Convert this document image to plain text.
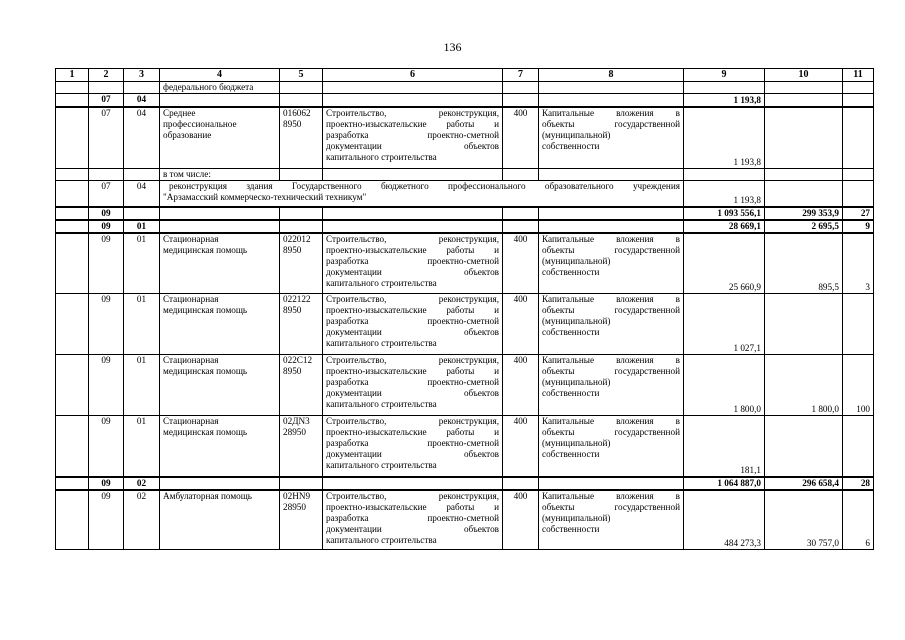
136
1	2	3	4	5	6	7	8	9	10	11
			федерального бюджета							
	07	04						1 193,8		
	07	04	Среднее
профессиональное
образование	016062
8950	Строительство, реконструкция,
проектно-изыскательские работы и
разработка проектно-сметной
документации объектов
капитального строительства	400	Капитальные вложения в
объекты государственной
(муниципальной)
собственности	1 193,8		
			в том числе:							
	07	04	реконструкция здания Государственного бюджетного профессионального образовательного учреждения
"Арзамасский коммерческо-технический техникум"					1 193,8		
	09							1 093 556,1	299 353,9	27
	09	01						28 669,1	2 695,5	9
	09	01	Стационарная
медицинская помощь	022012
8950	Строительство, реконструкция,
проектно-изыскательские работы и
разработка проектно-сметной
документации объектов
капитального строительства	400	Капитальные вложения в
объекты государственной
(муниципальной)
собственности	25 660,9	895,5	3
	09	01	Стационарная
медицинская помощь	022122
8950	Строительство, реконструкция,
проектно-изыскательские работы и
разработка проектно-сметной
документации объектов
капитального строительства	400	Капитальные вложения в
объекты государственной
(муниципальной)
собственности	1 027,1		
	09	01	Стационарная
медицинская помощь	022С12
8950	Строительство, реконструкция,
проектно-изыскательские работы и
разработка проектно-сметной
документации объектов
капитального строительства	400	Капитальные вложения в
объекты государственной
(муниципальной)
собственности	1 800,0	1 800,0	100
	09	01	Стационарная
медицинская помощь	02ДN3
28950	Строительство, реконструкция,
проектно-изыскательские работы и
разработка проектно-сметной
документации объектов
капитального строительства	400	Капитальные вложения в
объекты государственной
(муниципальной)
собственности	181,1		
	09	02						1 064 887,0	296 658,4	28
	09	02	Амбулаторная помощь	02НN9
28950	Строительство, реконструкция,
проектно-изыскательские работы и
разработка проектно-сметной
документации объектов
капитального строительства	400	Капитальные вложения в
объекты государственной
(муниципальной)
собственности	484 273,3	30 757,0	6
